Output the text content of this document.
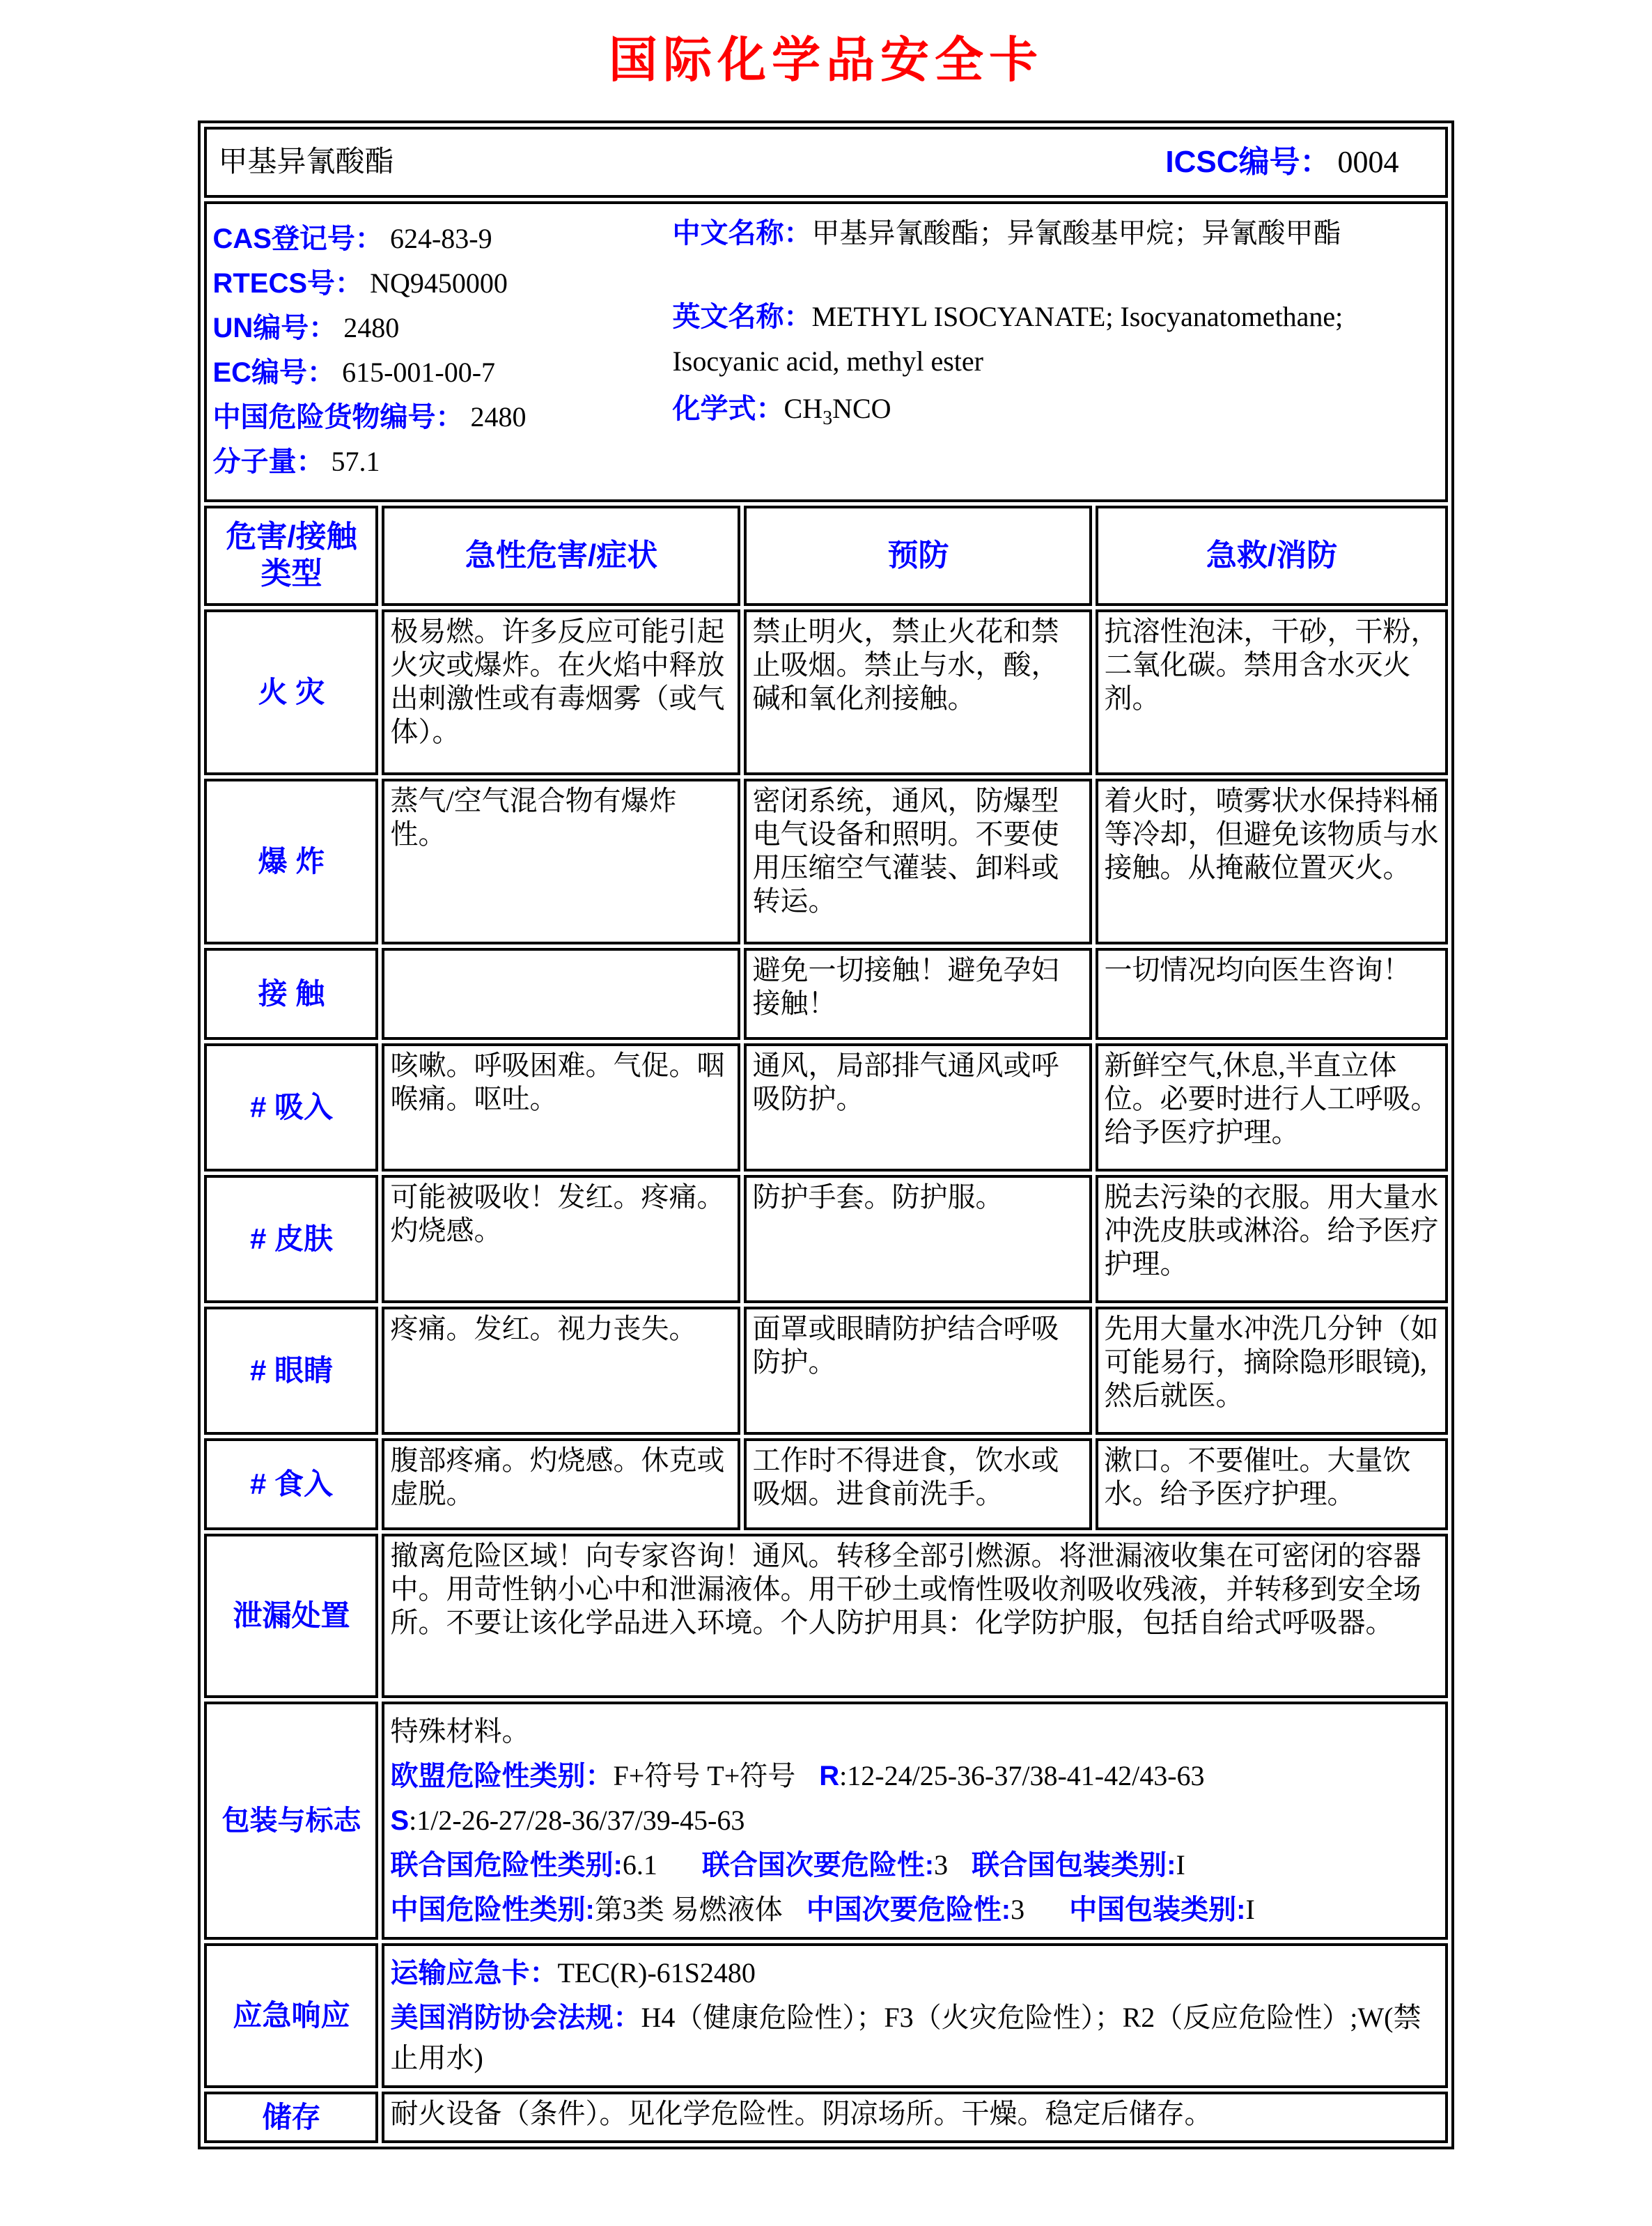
国际化学品安全卡
甲基异氰酸酯 ICSC编号： 0004			

CAS登记号： 624-83-9
RTECS号： NQ9450000
UN编号： 2480
EC编号： 615-001-00-7
中国危险货物编号： 2480
分子量： 57.1
中文名称：甲基异氰酸酯；异氰酸基甲烷；异氰酸甲酯
英文名称：METHYL ISOCYANATE; Isocyanatomethane; Isocyanic acid, methyl ester
化学式：$CH_3NCO$

危害/接触类型	急性危害/症状	预防	急救/消防
火 灾	极易燃。许多反应可能引起火灾或爆炸。在火焰中释放出刺激性或有毒烟雾（或气体）。	禁止明火，禁止火花和禁止吸烟。禁止与水，酸，碱和氧化剂接触。	抗溶性泡沫，干砂，干粉，二氧化碳。禁用含水灭火剂。
爆 炸	蒸气/空气混合物有爆炸性。	密闭系统，通风，防爆型电气设备和照明。不要使用压缩空气灌装、卸料或转运。	着火时，喷雾状水保持料桶等冷却，但避免该物质与水接触。从掩蔽位置灭火。
接 触		避免一切接触！避免孕妇接触！	一切情况均向医生咨询！
# 吸入	咳嗽。呼吸困难。气促。咽喉痛。呕吐。	通风，局部排气通风或呼吸防护。	新鲜空气,休息,半直立体位。必要时进行人工呼吸。给予医疗护理。
# 皮肤	可能被吸收！发红。疼痛。灼烧感。	防护手套。防护服。	脱去污染的衣服。用大量水冲洗皮肤或淋浴。给予医疗护理。
# 眼睛	疼痛。发红。视力丧失。	面罩或眼睛防护结合呼吸防护。	先用大量水冲洗几分钟（如可能易行，摘除隐形眼镜),然后就医。
# 食入	腹部疼痛。灼烧感。休克或虚脱。	工作时不得进食，饮水或吸烟。进食前洗手。	漱口。不要催吐。大量饮水。给予医疗护理。
泄漏处置	撤离危险区域！向专家咨询！通风。转移全部引燃源。将泄漏液收集在可密闭的容器中。用苛性钠小心中和泄漏液体。用干砂土或惰性吸收剂吸收残液，并转移到安全场所。不要让该化学品进入环境。个人防护用具：化学防护服，包括自给式呼吸器。		
包装与标志	特殊材料。
欧盟危险性类别：F+符号 T+符号 R:12-24/25-36-37/38-41-42/43-63
S:1/2-26-27/28-36/37/39-45-63
联合国危险性类别:6.1 联合国次要危险性:3 联合国包装类别:I
中国危险性类别:第3类 易燃液体 中国次要危险性:3 中国包装类别:I		

应急响应	运输应急卡：TEC(R)-61S2480
美国消防协会法规：H4（健康危险性）；F3（火灾危险性）；R2（反应危险性）;W(禁止用水)		

储存	耐火设备（条件）。见化学危险性。阴凉场所。干燥。稳定后储存。		
